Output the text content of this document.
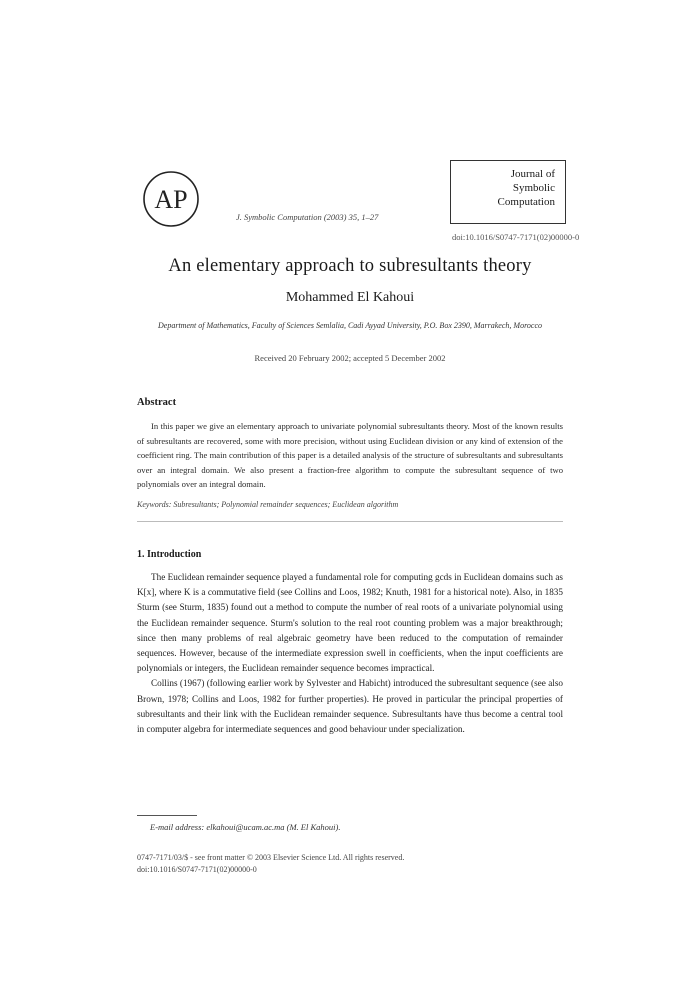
AP
Journal of
Symbolic
Computation
J. Symbolic Computation (2003) 35, 1–27
doi:10.1016/S0747-7171(02)00000-0
An elementary approach to subresultants theory
Mohammed El Kahoui
Department of Mathematics, Faculty of Sciences Semlalia, Cadi Ayyad University, P.O. Box 2390, Marrakech, Morocco
Received 20 February 2002; accepted 5 December 2002
Abstract
In this paper we give an elementary approach to univariate polynomial subresultants theory. Most of the known results of subresultants are recovered, some with more precision, without using Euclidean division or any kind of extension of the coefficient ring. The main contribution of this paper is a detailed analysis of the structure of subresultants and subresultants over an integral domain. We also present a fraction-free algorithm to compute the subresultant sequence of two polynomials over an integral domain.
Keywords: Subresultants; Polynomial remainder sequences; Euclidean algorithm
1. Introduction

The Euclidean remainder sequence played a fundamental role for computing gcds in Euclidean domains such as K[x], where K is a commutative field (see Collins and Loos, 1982; Knuth, 1981 for a historical note). Also, in 1835 Sturm (see Sturm, 1835) found out a method to compute the number of real roots of a univariate polynomial using the Euclidean remainder sequence. Sturm's solution to the real root counting problem was a major breakthrough; since then many problems of real algebraic geometry have been reduced to the computation of remainder sequences. However, because of the intermediate expression swell in coefficients, when the input coefficients are polynomials or integers, the Euclidean remainder sequence becomes impractical.

Collins (1967) (following earlier work by Sylvester and Habicht) introduced the subresultant sequence (see also Brown, 1978; Collins and Loos, 1982 for further properties). He proved in particular the principal properties of subresultants and their link with the Euclidean remainder sequence. Subresultants have thus become a central tool in computer algebra for intermediate sequences and good behaviour under specialization.

E-mail address: elkahoui@ucam.ac.ma (M. El Kahoui).
0747-7171/03/$ - see front matter © 2003 Elsevier Science Ltd. All rights reserved.
doi:10.1016/S0747-7171(02)00000-0
